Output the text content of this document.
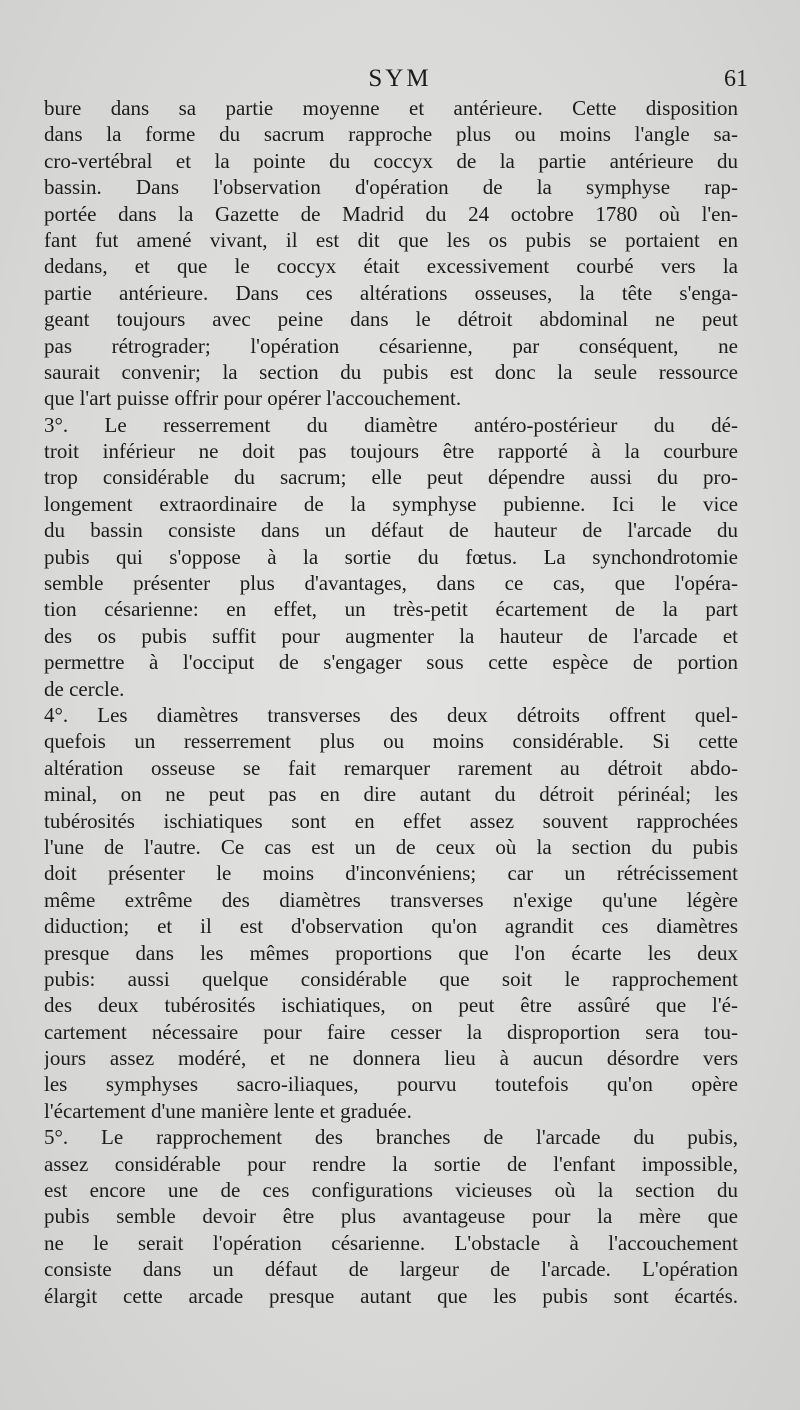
SYM	61
bure dans sa partie moyenne et antérieure. Cette disposition
dans la forme du sacrum rapproche plus ou moins l'angle sa-
cro-vertébral et la pointe du coccyx de la partie antérieure du
bassin. Dans l'observation d'opération de la symphyse rap-
portée dans la Gazette de Madrid du 24 octobre 1780 où l'en-
fant fut amené vivant, il est dit que les os pubis se portaient en
dedans, et que le coccyx était excessivement courbé vers la
partie antérieure. Dans ces altérations osseuses, la tête s'enga-
geant toujours avec peine dans le détroit abdominal ne peut
pas rétrograder; l'opération césarienne, par conséquent, ne
saurait convenir; la section du pubis est donc la seule ressource
que l'art puisse offrir pour opérer l'accouchement.
3°. Le resserrement du diamètre antéro-postérieur du dé-
troit inférieur ne doit pas toujours être rapporté à la courbure
trop considérable du sacrum; elle peut dépendre aussi du pro-
longement extraordinaire de la symphyse pubienne. Ici le vice
du bassin consiste dans un défaut de hauteur de l'arcade du
pubis qui s'oppose à la sortie du fœtus. La synchondrotomie
semble présenter plus d'avantages, dans ce cas, que l'opéra-
tion césarienne: en effet, un très-petit écartement de la part
des os pubis suffit pour augmenter la hauteur de l'arcade et
permettre à l'occiput de s'engager sous cette espèce de portion
de cercle.
4°. Les diamètres transverses des deux détroits offrent quel-
quefois un resserrement plus ou moins considérable. Si cette
altération osseuse se fait remarquer rarement au détroit abdo-
minal, on ne peut pas en dire autant du détroit périnéal; les
tubérosités ischiatiques sont en effet assez souvent rapprochées
l'une de l'autre. Ce cas est un de ceux où la section du pubis
doit présenter le moins d'inconvéniens; car un rétrécissement
même extrême des diamètres transverses n'exige qu'une légère
diduction; et il est d'observation qu'on agrandit ces diamètres
presque dans les mêmes proportions que l'on écarte les deux
pubis: aussi quelque considérable que soit le rapprochement
des deux tubérosités ischiatiques, on peut être assûré que l'é-
cartement nécessaire pour faire cesser la disproportion sera tou-
jours assez modéré, et ne donnera lieu à aucun désordre vers
les symphyses sacro-iliaques, pourvu toutefois qu'on opère
l'écartement d'une manière lente et graduée.
5°. Le rapprochement des branches de l'arcade du pubis,
assez considérable pour rendre la sortie de l'enfant impossible,
est encore une de ces configurations vicieuses où la section du
pubis semble devoir être plus avantageuse pour la mère que
ne le serait l'opération césarienne. L'obstacle à l'accouchement
consiste dans un défaut de largeur de l'arcade. L'opération
élargit cette arcade presque autant que les pubis sont écartés.
